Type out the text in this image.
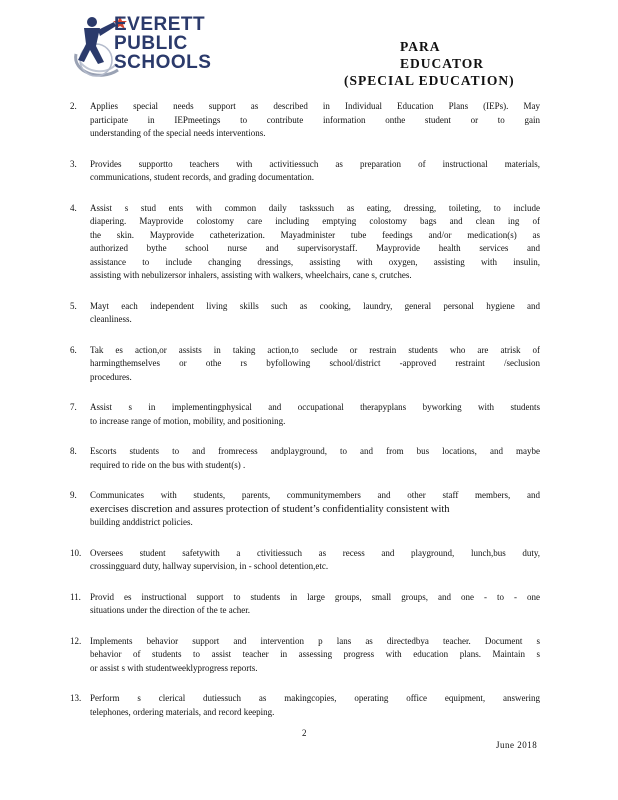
EVERETT
PUBLIC
SCHOOLS
PARA EDUCATOR
(SPECIAL EDUCATION)
2.	Applies special needs support as described in Individual Education Plans (IEPs). May
participate in IEPmeetings to contribute information onthe student or to gain
understanding of the special needs interventions.
3.	Provides supportto teachers with activitiessuch as preparation of instructional materials,
communications, student records, and grading documentation.
4.	Assist s stud ents with common daily taskssuch as eating, dressing, toileting, to include
diapering. Mayprovide colostomy care including emptying colostomy bags and clean ing of
the skin. Mayprovide catheterization. Mayadminister tube feedings and/or medication(s) as
authorized bythe school nurse and supervisorystaff. Mayprovide health services and
assistance to include changing dressings, assisting with oxygen, assisting with insulin,
assisting with nebulizersor inhalers, assisting with walkers, wheelchairs, cane s, crutches.
5.	Mayt each independent living skills such as cooking, laundry, general personal hygiene and
cleanliness.
6.	Tak es action,or assists in taking action,to seclude or restrain students who are atrisk of
harmingthemselves or othe rs byfollowing school/district -approved restraint /seclusion
procedures.
7.	Assist s in implementingphysical and occupational therapyplans byworking with students
to increase range of motion, mobility, and positioning.
8.	Escorts students to and fromrecess andplayground, to and from bus locations, and maybe
required to ride on the bus with student(s) .
9.	Communicates with students, parents, communitymembers and other staff members, and
exercises discretion and assures protection of student’s confidentiality consistent with
building anddistrict policies.
10. Oversees student safetywith a ctivitiessuch as recess and playground, lunch,bus duty,
crossingguard duty, hallway supervision, in - school detention,etc.
11.	Provid es instructional support to students in large groups, small groups, and one - to - one
situations under the direction of the te acher.
12. Implements behavior support and intervention p lans as directedbya teacher. Document s
behavior of students to assist teacher in assessing progress with education plans. Maintain s
or assist s with studentweeklyprogress reports.
13. Perform s clerical dutiessuch as makingcopies, operating office equipment, answering
telephones, ordering materials, and record keeping.
2
June 2018
